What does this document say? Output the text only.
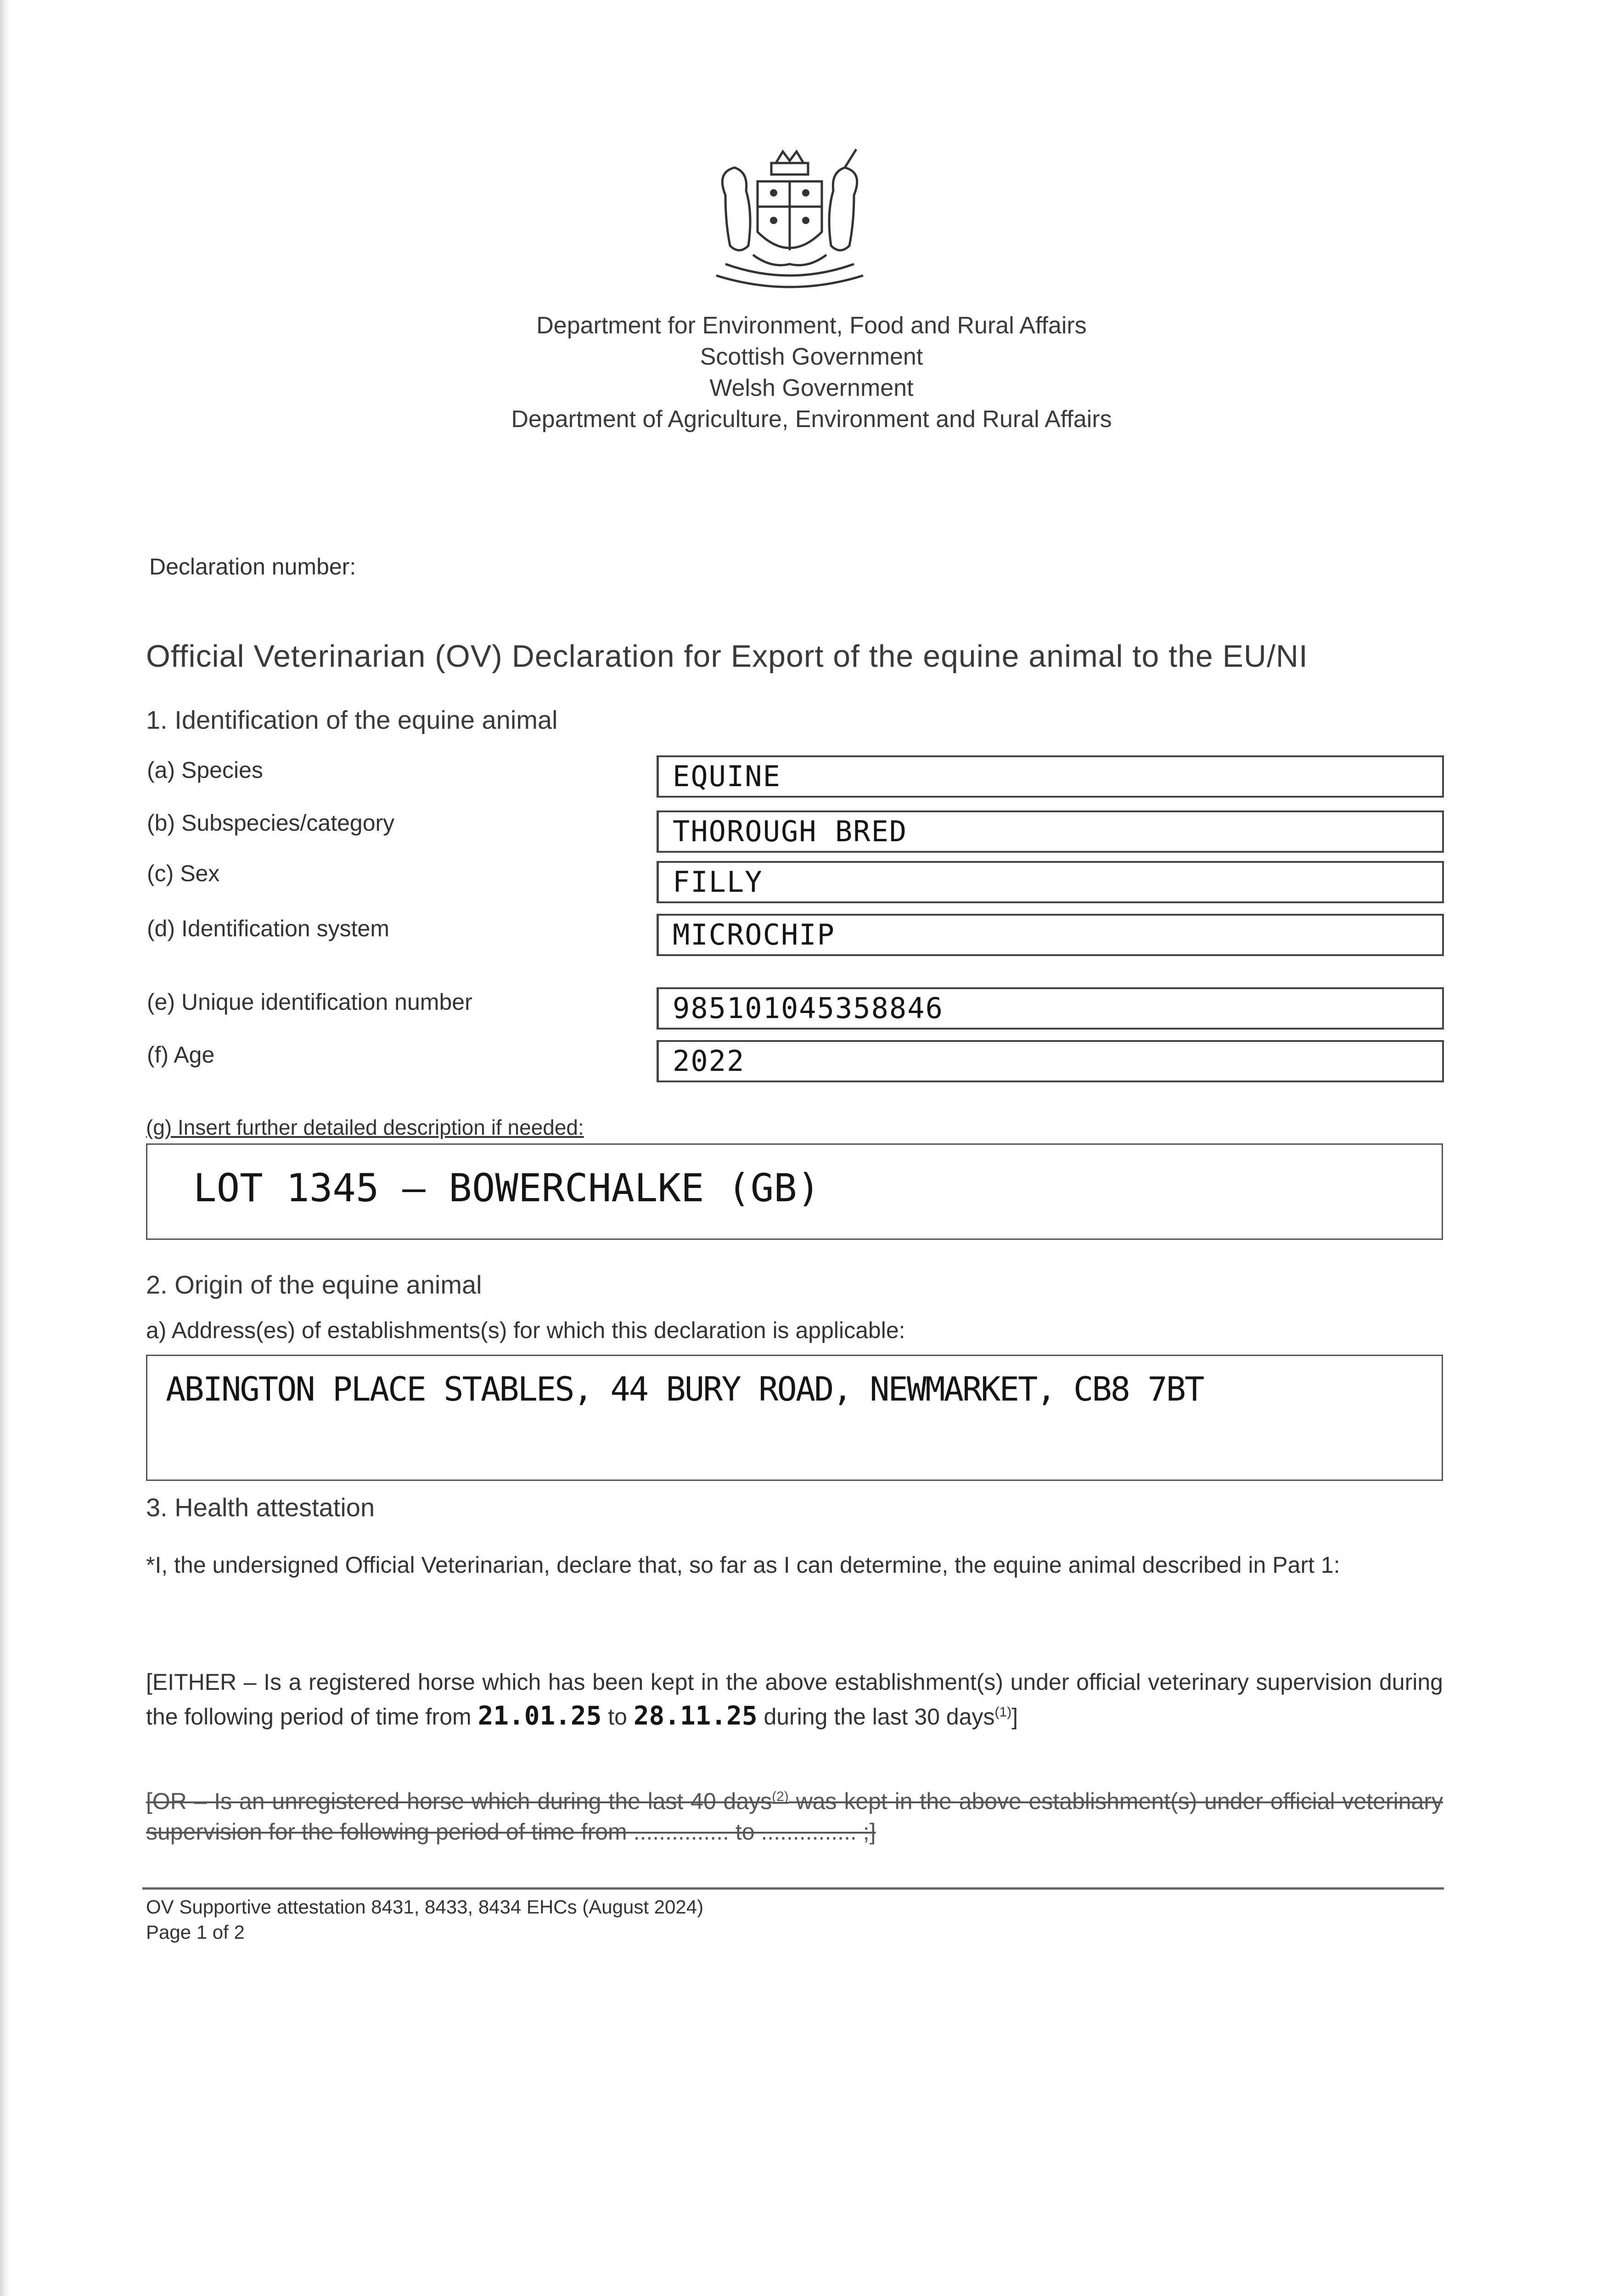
Department for Environment, Food and Rural Affairs
Scottish Government
Welsh Government
Department of Agriculture, Environment and Rural Affairs
Declaration number:
Official Veterinarian (OV) Declaration for Export of the equine animal to the EU/NI
1. Identification of the equine animal
(a) Species	EQUINE
(b) Subspecies/category	THOROUGH BRED
(c) Sex	FILLY
(d) Identification system	MICROCHIP
(e) Unique identification number	985101045358846
(f) Age	2022
(g) Insert further detailed description if needed:
LOT 1345 – BOWERCHALKE (GB)
2. Origin of the equine animal
a) Address(es) of establishments(s) for which this declaration is applicable:
ABINGTON PLACE STABLES, 44 BURY ROAD, NEWMARKET, CB8 7BT
3. Health attestation
*I, the undersigned Official Veterinarian, declare that, so far as I can determine, the equine animal described in Part 1:
[EITHER – Is a registered horse which has been kept in the above establishment(s) under official veterinary supervision during the following period of time from 21.01.25 to 28.11.25 during the last 30 days$^{(1)}$]
[OR – Is an unregistered horse which during the last 40 days$^{(2)}$ was kept in the above establishment(s) under official veterinary supervision for the following period of time from ............... to ............... ;]
OV Supportive attestation 8431, 8433, 8434 EHCs (August 2024)
Page 1 of 2
